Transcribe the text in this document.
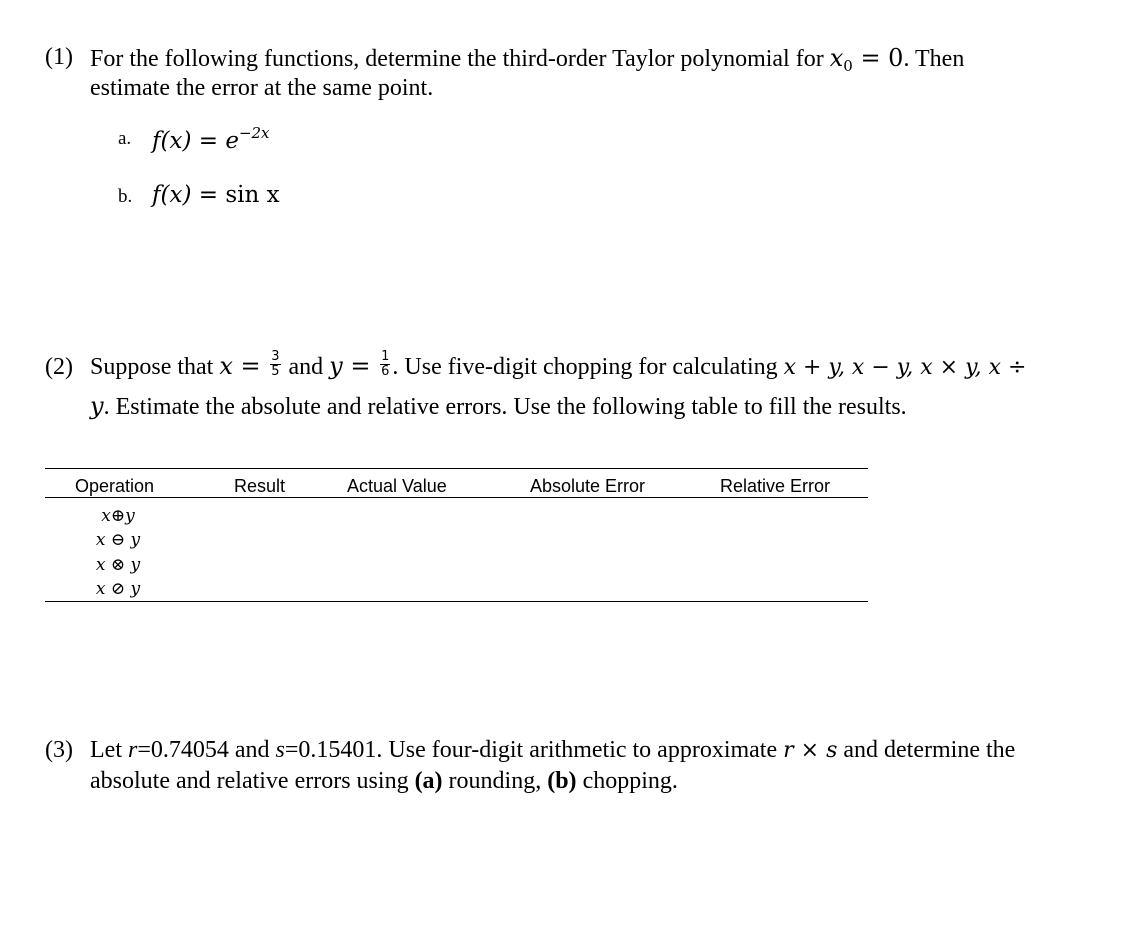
(1) For the following functions, determine the third-order Taylor polynomial for $x_0 = 0$. Then
estimate the error at the same point.
a. $f(x) = e^{-2x}$
b. f(x) = sin x
(2) Suppose that $x = \frac{3}{5}$ and $y = \frac{1}{6}$ . Use five-digit chopping for calculating x + y, x − y, x × y, x ÷
y. Estimate the absolute and relative errors. Use the following table to fill the results.
Operation	Result	Actual Value	Absolute Error	Relative Error
x⊕y
x ⊖ y
x ⊗ y
x ⊘ y
(3) Let r=0.74054 and s=0.15401. Use four-digit arithmetic to approximate r × s and determine the
absolute and relative errors using (a) rounding, (b) chopping.
